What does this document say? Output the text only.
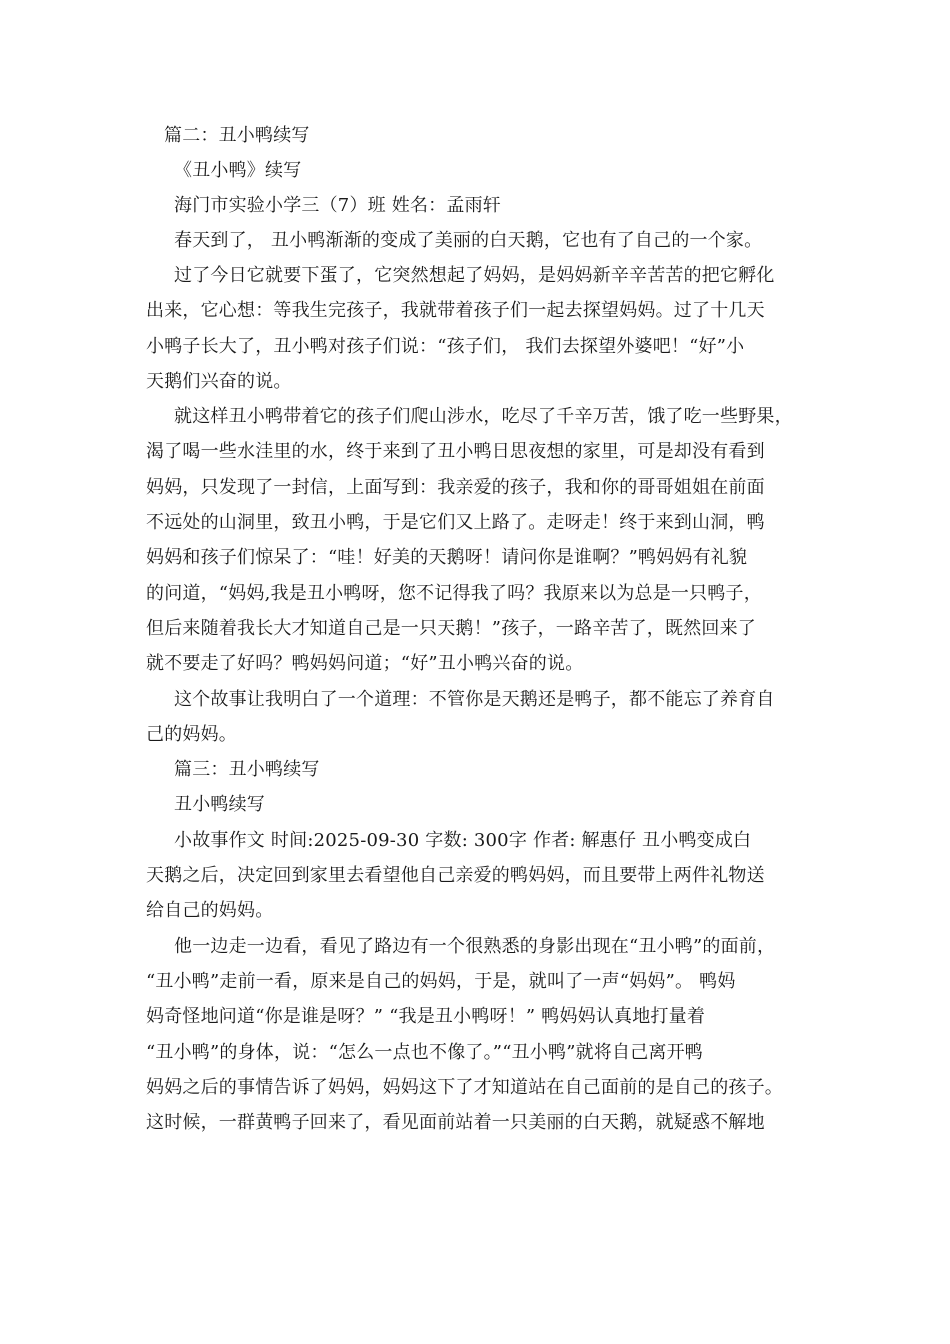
篇二：丑小鸭续写
《丑小鸭》续写
海门市实验小学三（7）班 姓名：孟雨轩
春天到了， 丑小鸭渐渐的变成了美丽的白天鹅，它也有了自己的一个家。
过了今日它就要下蛋了，它突然想起了妈妈，是妈妈新辛辛苦苦的把它孵化
出来，它心想：等我生完孩子，我就带着孩子们一起去探望妈妈。过了十几天
小鸭子长大了，丑小鸭对孩子们说：“孩子们， 我们去探望外婆吧！“好”小
天鹅们兴奋的说。
就这样丑小鸭带着它的孩子们爬山涉水，吃尽了千辛万苦，饿了吃一些野果，
渴了喝一些水洼里的水，终于来到了丑小鸭日思夜想的家里，可是却没有看到
妈妈，只发现了一封信，上面写到：我亲爱的孩子，我和你的哥哥姐姐在前面
不远处的山洞里，致丑小鸭，于是它们又上路了。走呀走！终于来到山洞，鸭
妈妈和孩子们惊呆了：“哇！好美的天鹅呀！请问你是谁啊？”鸭妈妈有礼貌
的问道，“妈妈,我是丑小鸭呀，您不记得我了吗？我原来以为总是一只鸭子，
但后来随着我长大才知道自己是一只天鹅！”孩子，一路辛苦了，既然回来了
就不要走了好吗？鸭妈妈问道；“好”丑小鸭兴奋的说。
这个故事让我明白了一个道理：不管你是天鹅还是鸭子，都不能忘了养育自
己的妈妈。
篇三：丑小鸭续写
丑小鸭续写
小故事作文 时间:2025-09-30 字数: 300字 作者: 解惠仔 丑小鸭变成白
天鹅之后，决定回到家里去看望他自己亲爱的鸭妈妈，而且要带上两件礼物送
给自己的妈妈。
他一边走一边看，看见了路边有一个很熟悉的身影出现在“丑小鸭”的面前，
“丑小鸭”走前一看，原来是自己的妈妈，于是，就叫了一声“妈妈”。 鸭妈
妈奇怪地问道“你是谁是呀？” “我是丑小鸭呀！” 鸭妈妈认真地打量着
“丑小鸭”的身体，说：“怎么一点也不像了。”“丑小鸭”就将自己离开鸭
妈妈之后的事情告诉了妈妈，妈妈这下了才知道站在自己面前的是自己的孩子。
这时候，一群黄鸭子回来了，看见面前站着一只美丽的白天鹅，就疑惑不解地
